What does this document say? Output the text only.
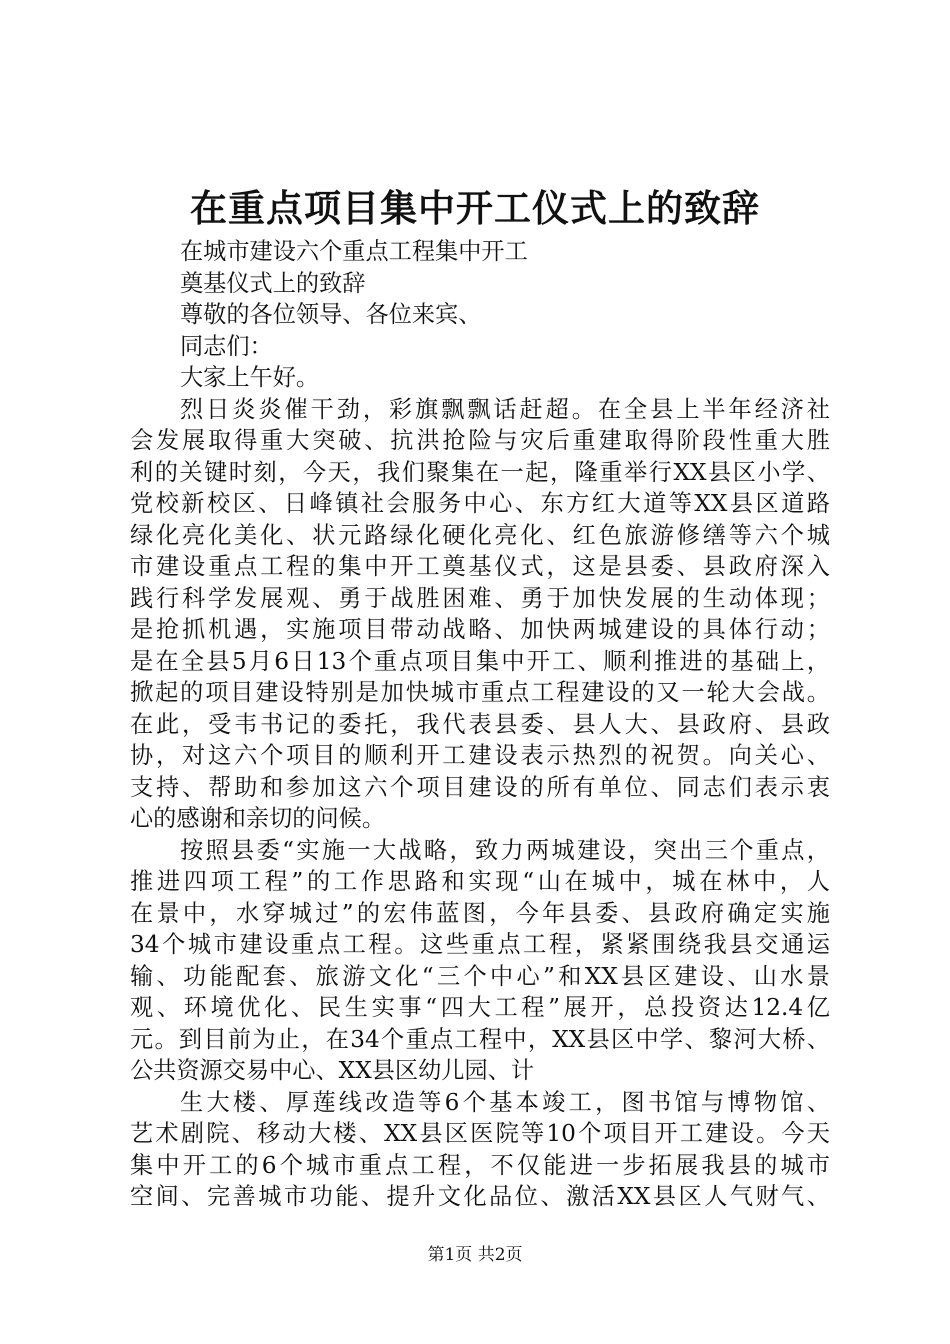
在重点项目集中开工仪式上的致辞
在城市建设六个重点工程集中开工
奠基仪式上的致辞
尊敬的各位领导、各位来宾、
同志们：
大家上午好。
烈日炎炎催干劲，彩旗飘飘话赶超。在全县上半年经济社
会发展取得重大突破、抗洪抢险与灾后重建取得阶段性重大胜
利的关键时刻，今天，我们聚集在一起，隆重举行XX县区小学、
党校新校区、日峰镇社会服务中心、东方红大道等XX县区道路
绿化亮化美化、状元路绿化硬化亮化、红色旅游修缮等六个城
市建设重点工程的集中开工奠基仪式，这是县委、县政府深入
践行科学发展观、勇于战胜困难、勇于加快发展的生动体现；
是抢抓机遇，实施项目带动战略、加快两城建设的具体行动；
是在全县5月6日13个重点项目集中开工、顺利推进的基础上，
掀起的项目建设特别是加快城市重点工程建设的又一轮大会战。
在此，受韦书记的委托，我代表县委、县人大、县政府、县政
协，对这六个项目的顺利开工建设表示热烈的祝贺。向关心、
支持、帮助和参加这六个项目建设的所有单位、同志们表示衷
心的感谢和亲切的问候。
按照县委“实施一大战略，致力两城建设，突出三个重点，
推进四项工程”的工作思路和实现“山在城中，城在林中，人
在景中，水穿城过”的宏伟蓝图，今年县委、县政府确定实施
34个城市建设重点工程。这些重点工程，紧紧围绕我县交通运
输、功能配套、旅游文化“三个中心”和XX县区建设、山水景
观、环境优化、民生实事“四大工程”展开，总投资达12.4亿
元。到目前为止，在34个重点工程中，XX县区中学、黎河大桥、
公共资源交易中心、XX县区幼儿园、计
生大楼、厚莲线改造等6个基本竣工，图书馆与博物馆、
艺术剧院、移动大楼、XX县区医院等10个项目开工建设。今天
集中开工的6个城市重点工程，不仅能进一步拓展我县的城市
空间、完善城市功能、提升文化品位、激活XX县区人气财气、
第1页 共2页
